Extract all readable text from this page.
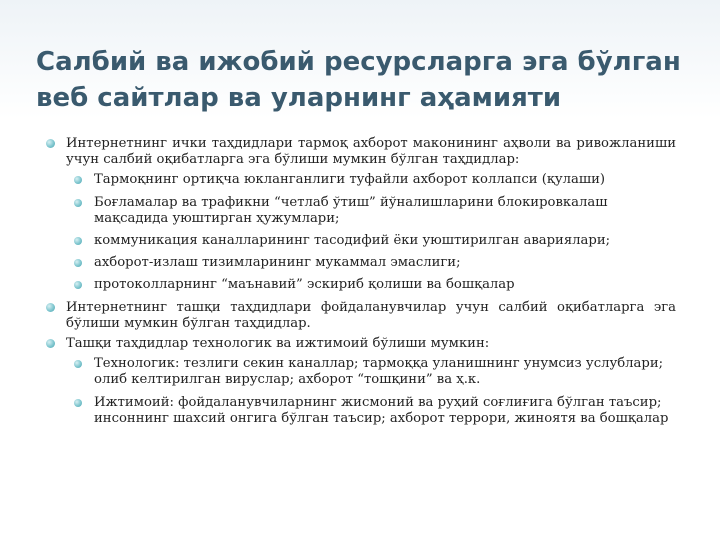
Салбий ва ижобий ресурсларга эга бўлган веб сайтлар ва уларнинг аҳамияти
Интернетнинг ички таҳдидлари тармоқ ахборот маконининг аҳволи ва ривожланиши учун салбий оқибатларга эга бўлиши мумкин бўлган таҳдидлар:
Тармоқнинг ортиқча юкланганлиги туфайли ахборот коллапси (қулаши)
Боғламалар ва трафикни “четлаб ўтиш” йўналишларини блокировкалаш мақсадида уюштирган ҳужумлари;
коммуникация каналларининг тасодифий ёки уюштирилган авариялари;
ахборот-излаш тизимларининг мукаммал эмаслиги;
протоколларнинг “маънавий” эскириб қолиши ва бошқалар
Интернетнинг ташқи таҳдидлари фойдаланувчилар учун салбий оқибатларга эга бўлиши мумкин бўлган таҳдидлар.
Ташқи таҳдидлар технологик ва ижтимоий бўлиши мумкин:
Технологик: тезлиги секин каналлар; тармоққа уланишнинг унумсиз услублари; олиб келтирилган вируслар; ахборот “тошқини” ва ҳ.к.
Ижтимоий: фойдаланувчиларнинг жисмоний ва руҳий соғлиғига бўлган таъсир; инсоннинг шахсий онгига бўлган таъсир; ахборот террори, жиноятя ва бошқалар
